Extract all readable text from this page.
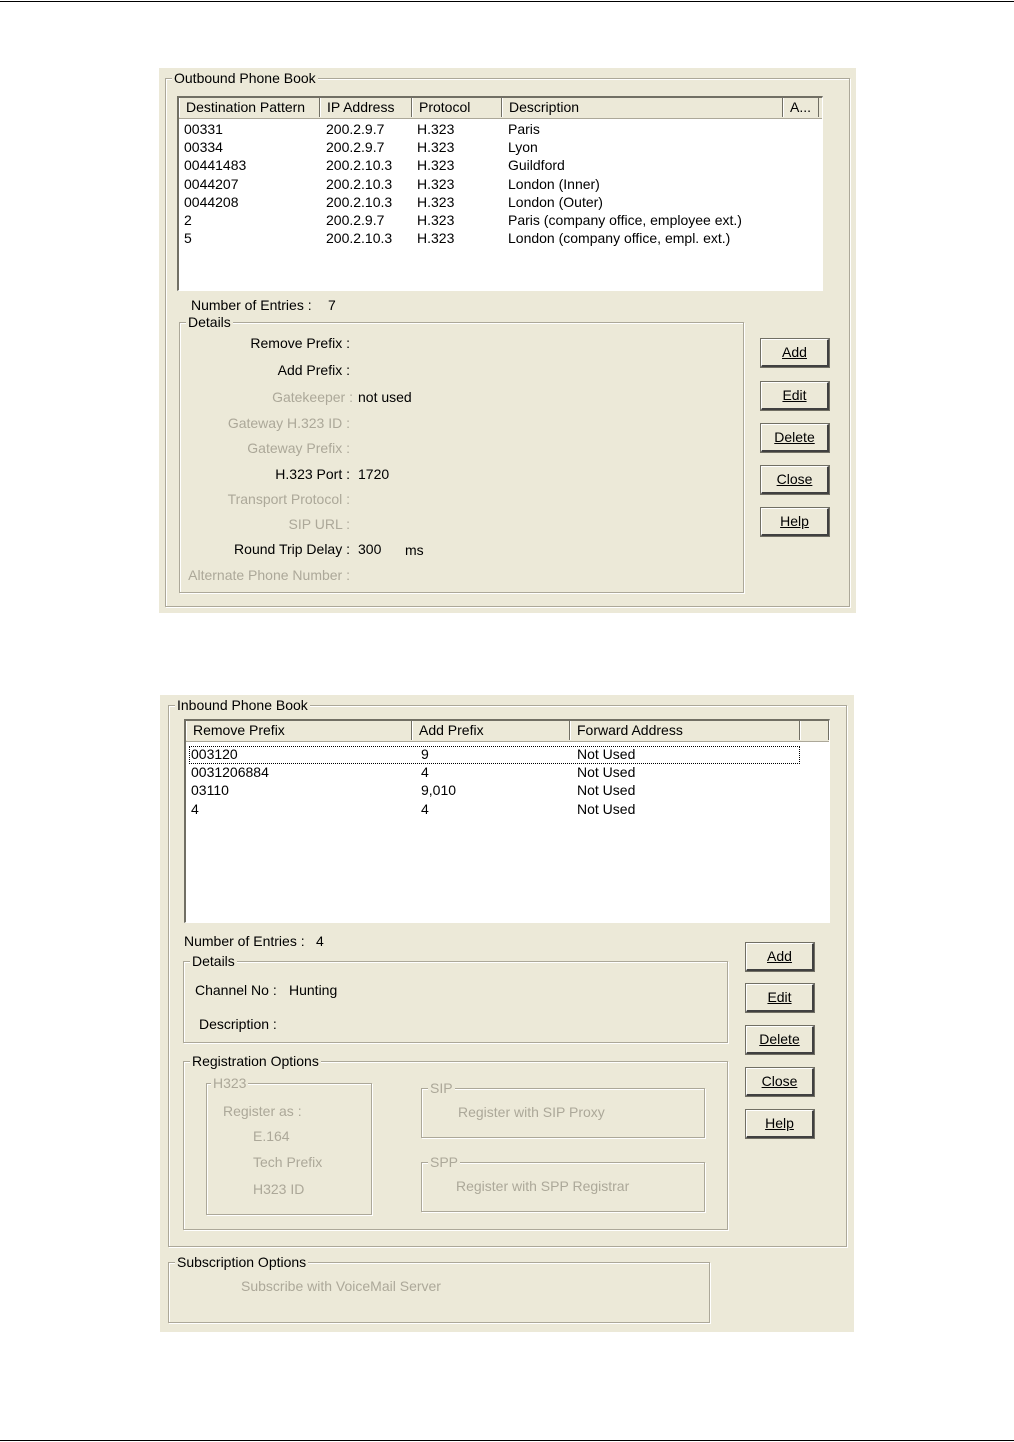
Outbound Phone Book
Destination Pattern	IP Address	Protocol	Description	A...
00331	200.2.9.7 H.323	Paris
00334	200.2.9.7 H.323	Lyon
00441483	200.2.10.3 H.323	Guildford
0044207	200.2.10.3 H.323	London (Inner)
0044208	200.2.10.3 H.323	London (Outer)
2	200.2.9.7 H.323	Paris (company office, employee ext.)
5	200.2.10.3 H.323	London (company office, empl. ext.)
Number of Entries : 7
Details
Remove Prefix :
Add Prefix :
Gatekeeper : not used
Gateway H.323 ID :
Gateway Prefix :
H.323 Port : 1720
Transport Protocol :
SIP URL :
Round Trip Delay : 300 ms
Alternate Phone Number :
Add
Edit
Delete
Close
Help
Inbound Phone Book
Remove Prefix	Add Prefix	Forward Address
003120	9	Not Used
0031206884	4	Not Used
03110	9,010	Not Used
4	4	Not Used
Number of Entries : 4
Details
Channel No : Hunting
Description :
Registration Options
H323
Register as :
E.164
Tech Prefix
H323 ID
SIP
Register with SIP Proxy
SPP
Register with SPP Registrar
Subscription Options
Subscribe with VoiceMail Server
Add
Edit
Delete
Close
Help
